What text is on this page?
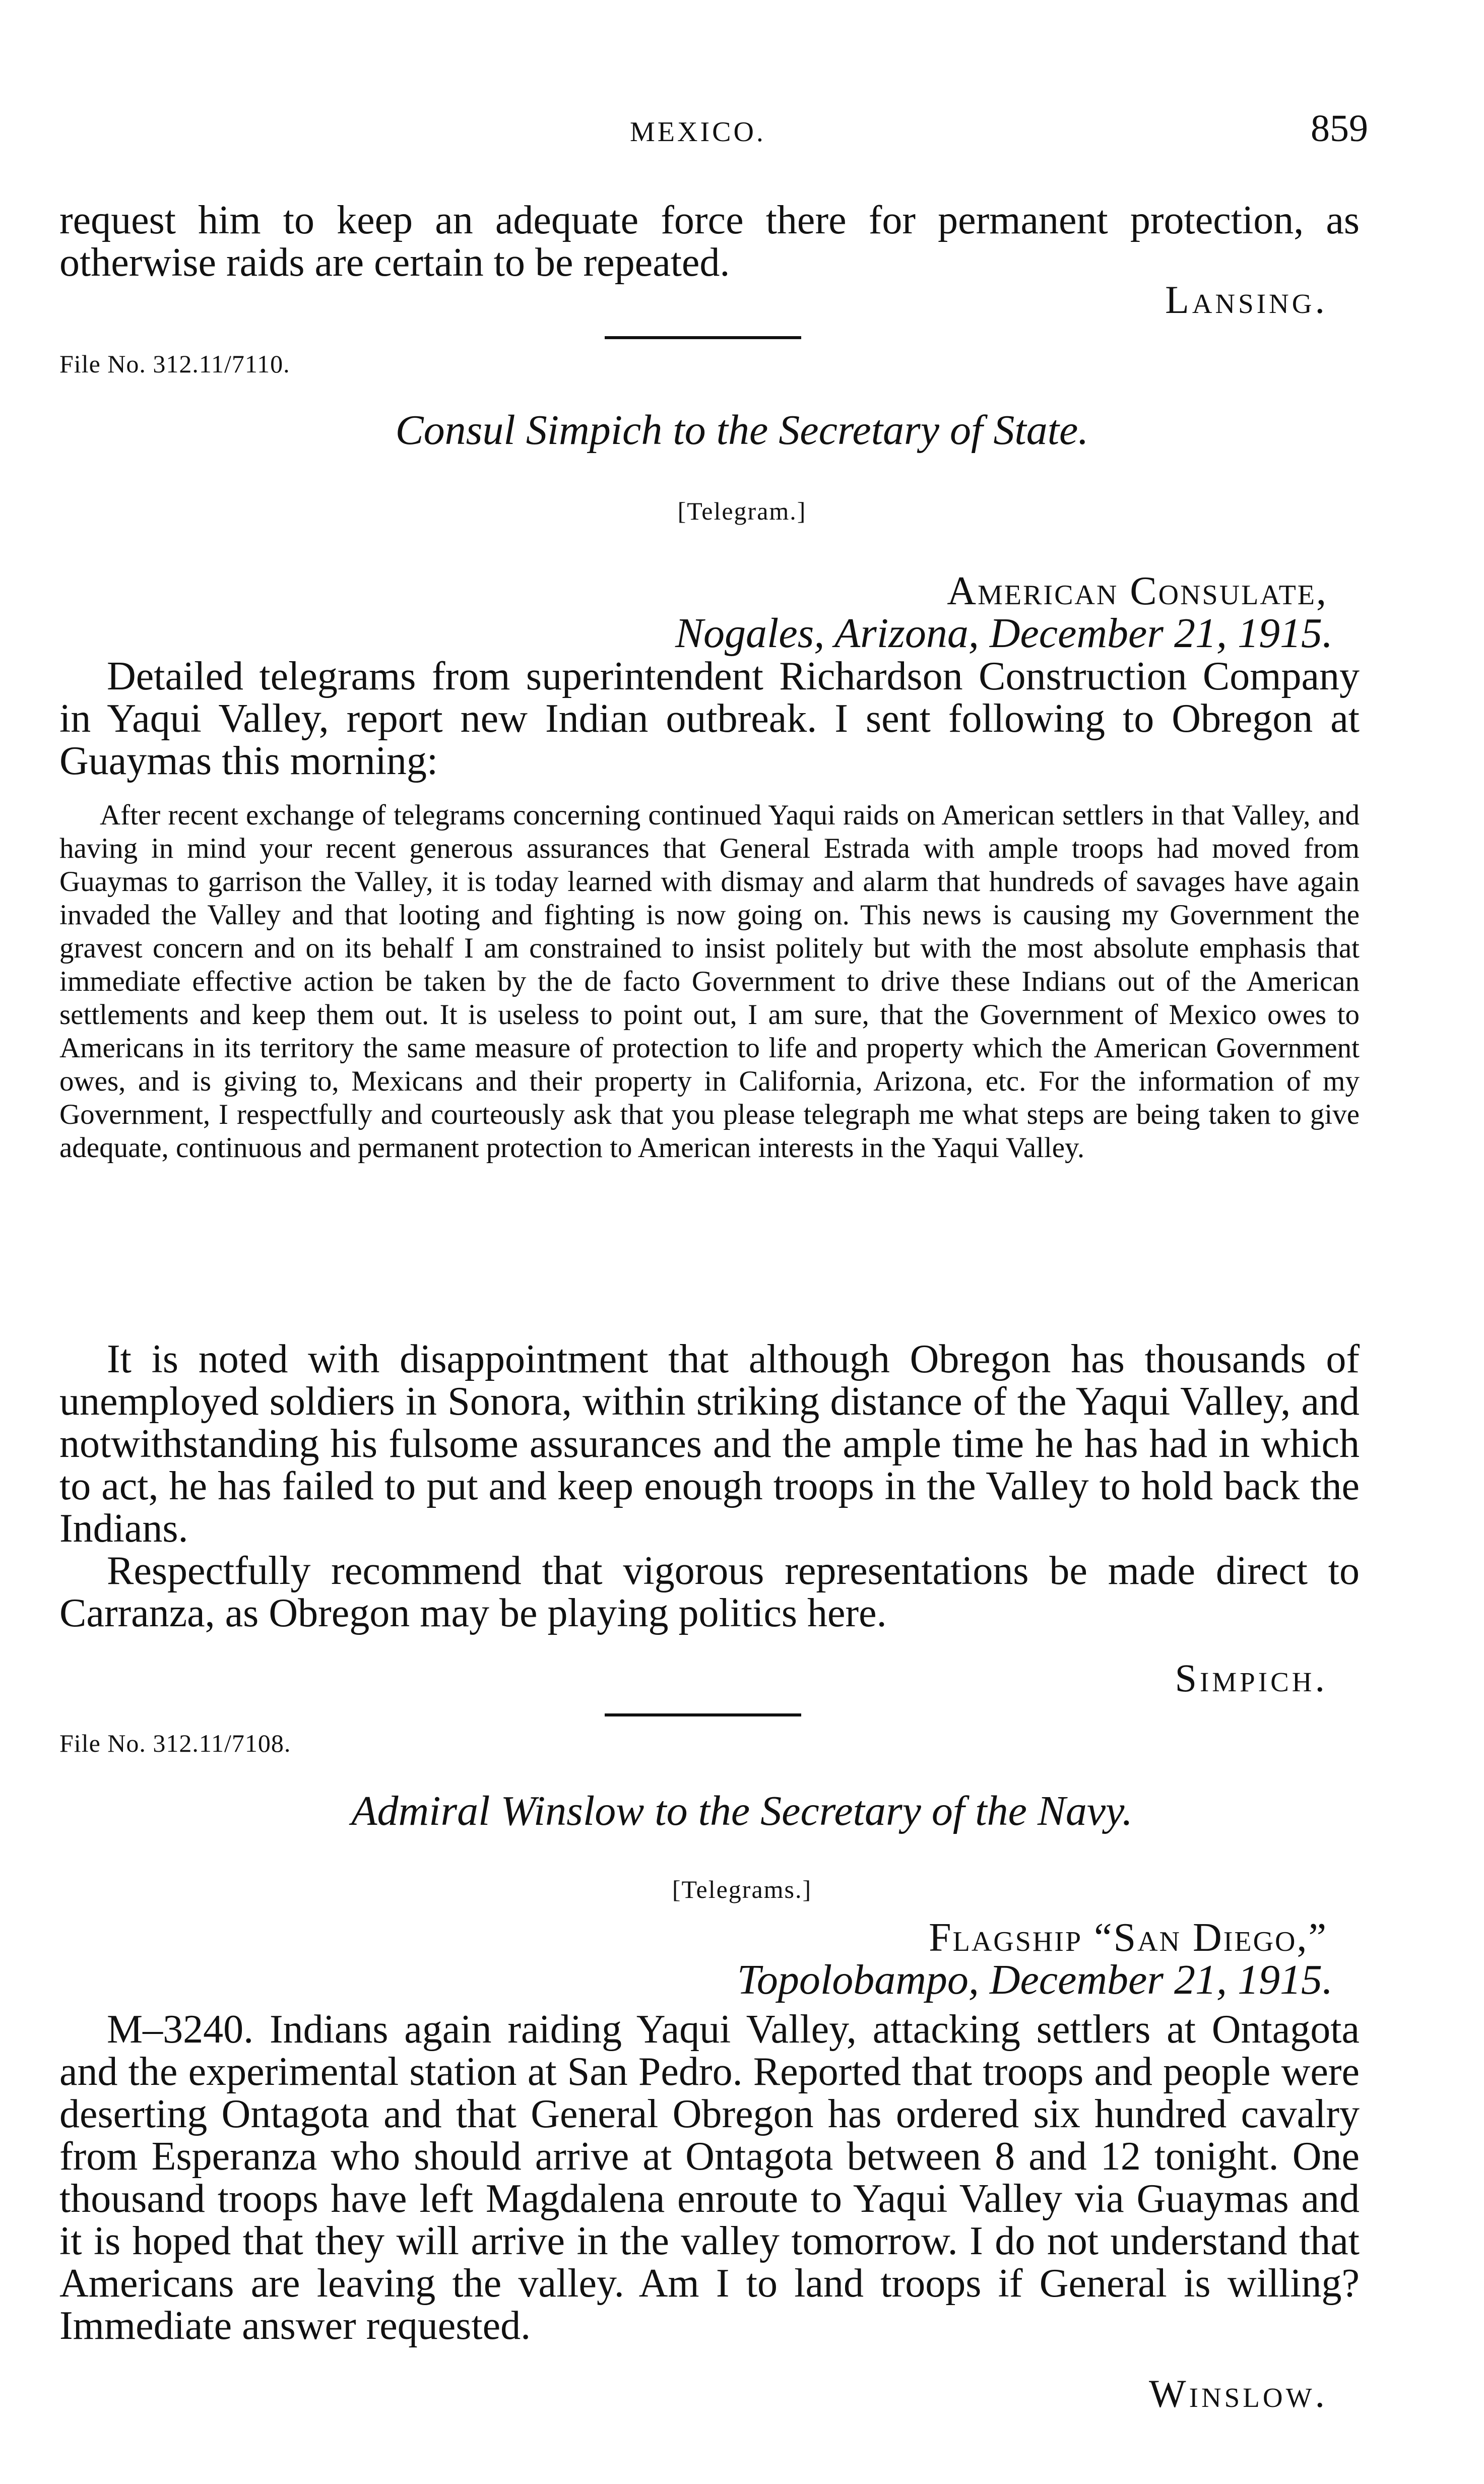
MEXICO.	859

request him to keep an adequate force there for permanent protection, as otherwise raids are certain to be repeated.

Lansing.
File No. 312.11/7110.
Consul Simpich to the Secretary of State.
[Telegram.]
American Consulate,
Nogales, Arizona, December 21, 1915.

Detailed telegrams from superintendent Richardson Construction Company in Yaqui Valley, report new Indian outbreak. I sent following to Obregon at Guaymas this morning:

After recent exchange of telegrams concerning continued Yaqui raids on American settlers in that Valley, and having in mind your recent generous assurances that General Estrada with ample troops had moved from Guaymas to garrison the Valley, it is today learned with dismay and alarm that hundreds of savages have again invaded the Valley and that looting and fighting is now going on. This news is causing my Government the gravest concern and on its behalf I am constrained to insist politely but with the most absolute emphasis that immediate effective action be taken by the de facto Government to drive these Indians out of the American settlements and keep them out. It is useless to point out, I am sure, that the Government of Mexico owes to Americans in its territory the same measure of protection to life and property which the American Government owes, and is giving to, Mexicans and their property in California, Arizona, etc. For the information of my Government, I respectfully and courteously ask that you please telegraph me what steps are being taken to give adequate, continuous and permanent protection to American interests in the Yaqui Valley.

It is noted with disappointment that although Obregon has thousands of unemployed soldiers in Sonora, within striking distance of the Yaqui Valley, and notwithstanding his fulsome assurances and the ample time he has had in which to act, he has failed to put and keep enough troops in the Valley to hold back the Indians.

Respectfully recommend that vigorous representations be made direct to Carranza, as Obregon may be playing politics here.

Simpich.
File No. 312.11/7108.
Admiral Winslow to the Secretary of the Navy.
[Telegrams.]
Flagship “San Diego,”
Topolobampo, December 21, 1915.

M–3240. Indians again raiding Yaqui Valley, attacking settlers at Ontagota and the experimental station at San Pedro. Reported that troops and people were deserting Ontagota and that General Obregon has ordered six hundred cavalry from Esperanza who should arrive at Ontagota between 8 and 12 tonight. One thousand troops have left Magdalena enroute to Yaqui Valley via Guaymas and it is hoped that they will arrive in the valley tomorrow. I do not understand that Americans are leaving the valley. Am I to land troops if General is willing? Immediate answer requested.

Winslow.
